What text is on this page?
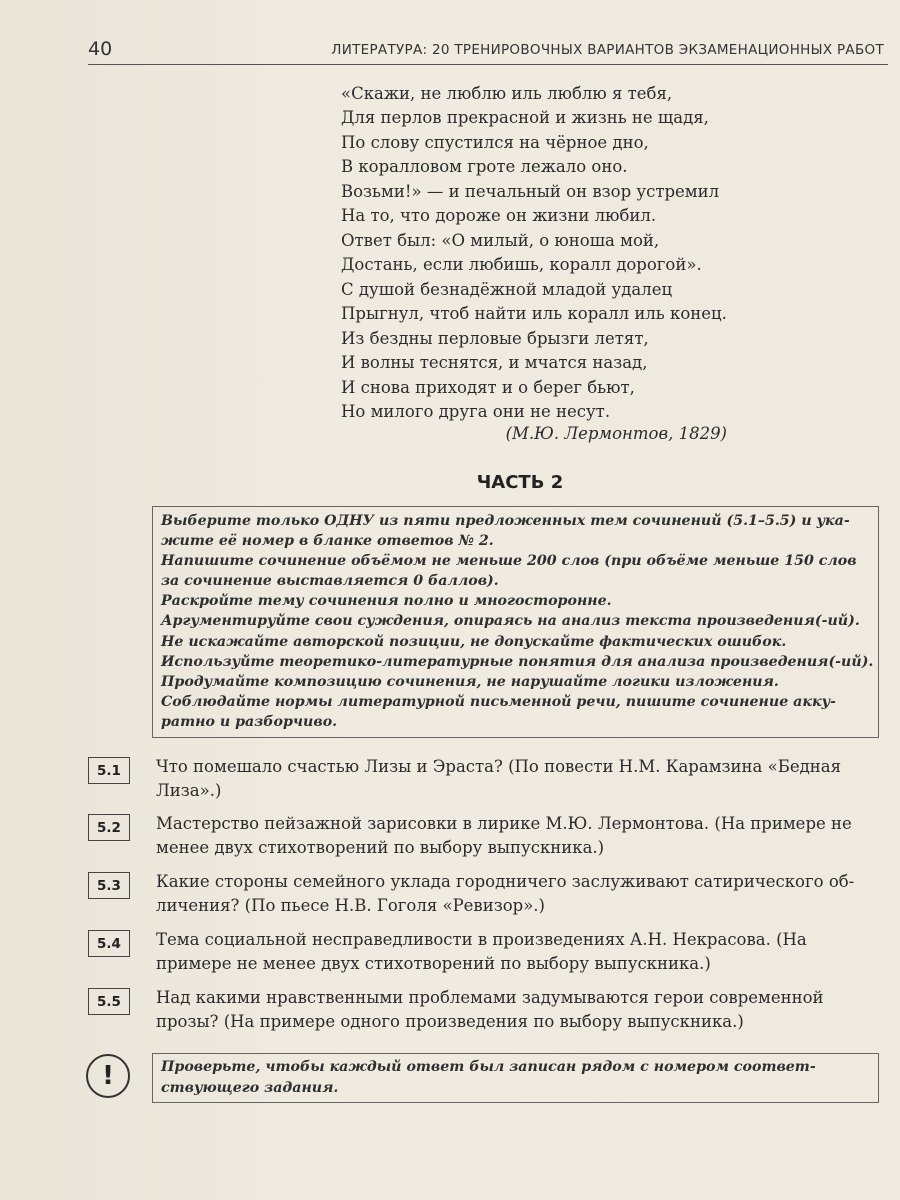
40	ЛИТЕРАТУРА: 20 ТРЕНИРОВОЧНЫХ ВАРИАНТОВ ЭКЗАМЕНАЦИОННЫХ РАБОТ
«Скажи, не люблю иль люблю я тебя,
Для перлов прекрасной и жизнь не щадя,
По слову спустился на чёрное дно,
В коралловом гроте лежало оно.
Возьми!» — и печальный он взор устремил
На то, что дороже он жизни любил.
Ответ был: «О милый, о юноша мой,
Достань, если любишь, коралл дорогой».
С душой безнадёжной младой удалец
Прыгнул, чтоб найти иль коралл иль конец.
Из бездны перловые брызги летят,
И волны теснятся, и мчатся назад,
И снова приходят и о берег бьют,
Но милого друга они не несут.
(М.Ю. Лермонтов, 1829)
ЧАСТЬ 2
Выберите только ОДНУ из пяти предложенных тем сочинений (5.1–5.5) и ука-
жите её номер в бланке ответов № 2.
Напишите сочинение объёмом не меньше 200 слов (при объёме меньше 150 слов
за сочинение выставляется 0 баллов).
Раскройте тему сочинения полно и многосторонне.
Аргументируйте свои суждения, опираясь на анализ текста произведения(-ий).
Не искажайте авторской позиции, не допускайте фактических ошибок.
Используйте теоретико-литературные понятия для анализа произведения(-ий).
Продумайте композицию сочинения, не нарушайте логики изложения.
Соблюдайте нормы литературной письменной речи, пишите сочинение акку-
ратно и разборчиво.
5.1	Что помешало счастью Лизы и Эраста? (По повести Н.М. Карамзина «Бедная
Лиза».)
5.2	Мастерство пейзажной зарисовки в лирике М.Ю. Лермонтова. (На примере не
менее двух стихотворений по выбору выпускника.)
5.3	Какие стороны семейного уклада городничего заслуживают сатирического об-
личения? (По пьесе Н.В. Гоголя «Ревизор».)
5.4	Тема социальной несправедливости в произведениях А.Н. Некрасова. (На
примере не менее двух стихотворений по выбору выпускника.)
5.5	Над какими нравственными проблемами задумываются герои современной
прозы? (На примере одного произведения по выбору выпускника.)
!	Проверьте, чтобы каждый ответ был записан рядом с номером соответ-
ствующего задания.
